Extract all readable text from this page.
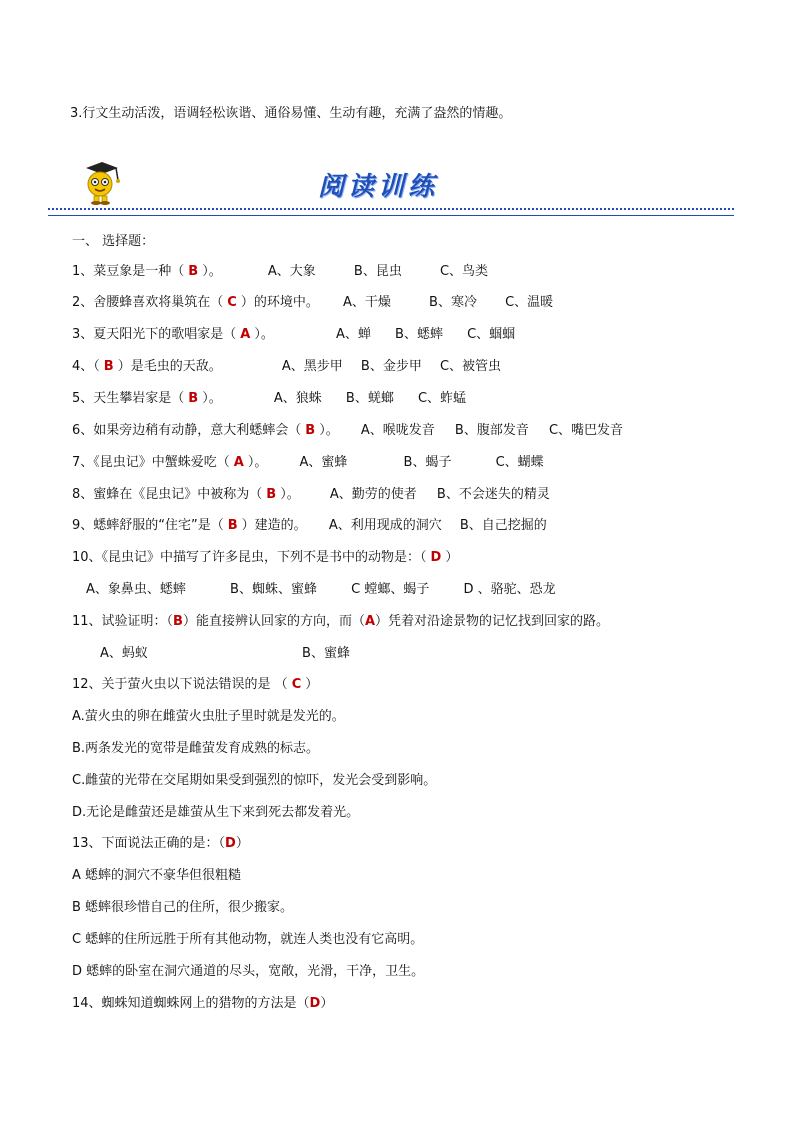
3.行文生动活泼，语调轻松诙谐、通俗易懂、生动有趣，充满了盎然的情趣。
阅读训练
一、 选择题：
1、菜豆象是一种（ B ）。	A、大象	B、昆虫	C、鸟类
2、舍腰蜂喜欢将巢筑在（ C ）的环境中。 A、干燥	B、寒冷 C、温暖
3、夏天阳光下的歌唱家是（ A ）。	A、蝉 B、蟋蟀 C、蝈蝈
4、（ B ）是毛虫的天敌。	A、黑步甲 B、金步甲 C、被管虫
5、天生攀岩家是（ B ）。	A、狼蛛 B、蜣螂 C、蚱蜢
6、如果旁边稍有动静，意大利蟋蟀会（ B ）。 A、喉咙发音 B、腹部发音 C、嘴巴发音
7、《昆虫记》中蟹蛛爱吃（ A ）。 A、蜜蜂	B、蝎子	C、蝴蝶
8、蜜蜂在《昆虫记》中被称为（ B ）。 A、勤劳的使者 B、不会迷失的精灵
9、蟋蟀舒服的“住宅”是（ B ）建造的。 A、利用现成的洞穴 B、自己挖掘的
10、《昆虫记》中描写了许多昆虫，下列不是书中的动物是：（ D ）
A、象鼻虫、蟋蟀	B、蜘蛛、蜜蜂	C 螳螂、蝎子	D 、骆驼、恐龙
11、试验证明：（B）能直接辨认回家的方向，而（A）凭着对沿途景物的记忆找到回家的路。
A、蚂蚁	B、蜜蜂
12、关于萤火虫以下说法错误的是 （ C ）
A.萤火虫的卵在雌萤火虫肚子里时就是发光的。
B.两条发光的宽带是雌萤发育成熟的标志。
C.雌萤的光带在交尾期如果受到强烈的惊吓，发光会受到影响。
D.无论是雌萤还是雄萤从生下来到死去都发着光。
13、下面说法正确的是：（D）
A 蟋蟀的洞穴不豪华但很粗糙
B 蟋蟀很珍惜自己的住所，很少搬家。
C 蟋蟀的住所远胜于所有其他动物，就连人类也没有它高明。
D 蟋蟀的卧室在洞穴通道的尽头，宽敞，光滑，干净，卫生。
14、蜘蛛知道蜘蛛网上的猎物的方法是（D）
